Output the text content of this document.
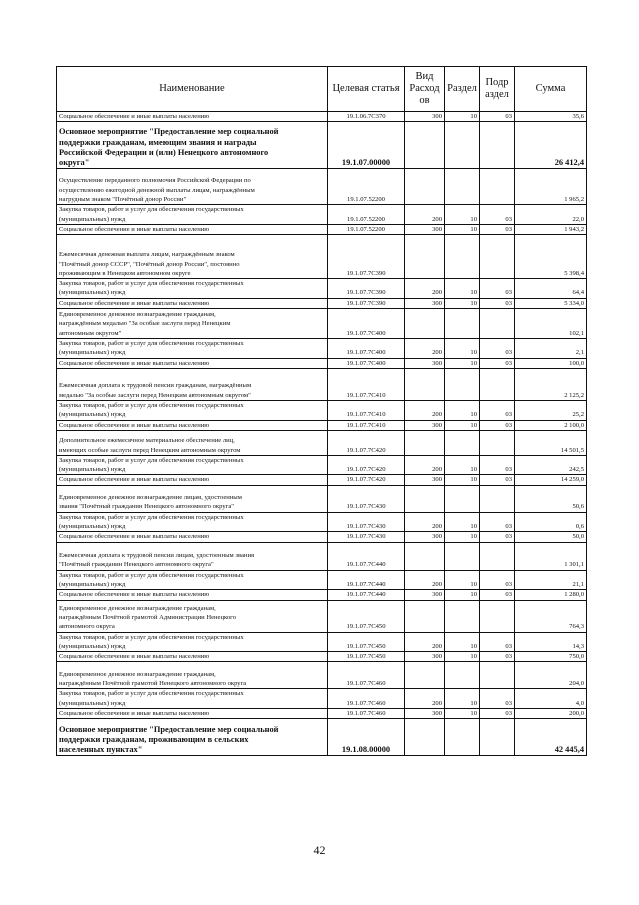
Наименование	Целевая статья	Вид Расход ов	Раздел	Подр аздел	Сумма
Социальное обеспечение и иные выплаты населению	19.1.06.7С370	300	10	03	35,6
Основное мероприятие "Предоставление мер социальной
поддержки гражданам, имеющим звания и награды
Российской Федерации и (или) Ненецкого автономного
округа"	19.1.07.00000				26 412,4
Осуществление переданного полномочия Российской Федерации по
осуществлению ежегодной денежной выплаты лицам, награждённым
нагрудным знаком "Почётный донор России"	19.1.07.52200				1 965,2
Закупка товаров, работ и услуг для обеспечения государственных
(муниципальных) нужд	19.1.07.52200	200	10	03	22,0
Социальное обеспечение и иные выплаты населению	19.1.07.52200	300	10	03	1 943,2
Ежемесячная денежная выплата лицам, награждённым знаком
"Почётный донор СССР", "Почётный донор России", постоянно
проживающим в Ненецком автономном округе	19.1.07.7С390				5 398,4
Закупка товаров, работ и услуг для обеспечения государственных
(муниципальных) нужд	19.1.07.7С390	200	10	03	64,4
Социальное обеспечение и иные выплаты населению	19.1.07.7С390	300	10	03	5 334,0
Единовременное денежное вознаграждение гражданам,
награждённым медалью "За особые заслуги перед Ненецким
автономным округом"	19.1.07.7С400				102,1
Закупка товаров, работ и услуг для обеспечения государственных
(муниципальных) нужд	19.1.07.7С400	200	10	03	2,1
Социальное обеспечение и иные выплаты населению	19.1.07.7С400	300	10	03	100,0
Ежемесячная доплата к трудовой пенсии гражданам, награждённым
медалью "За особые заслуги перед Ненецким автономным округом"	19.1.07.7С410				2 125,2
Закупка товаров, работ и услуг для обеспечения государственных
(муниципальных) нужд	19.1.07.7С410	200	10	03	25,2
Социальное обеспечение и иные выплаты населению	19.1.07.7С410	300	10	03	2 100,0
Дополнительное ежемесячное материальное обеспечение лиц,
имеющих особые заслуги перед Ненецким автономным округом	19.1.07.7С420				14 501,5
Закупка товаров, работ и услуг для обеспечения государственных
(муниципальных) нужд	19.1.07.7С420	200	10	03	242,5
Социальное обеспечение и иные выплаты населению	19.1.07.7С420	300	10	03	14 259,0
Единовременное денежное вознаграждение лицам, удостоенным
звания "Почётный гражданин Ненецкого автономного округа"	19.1.07.7С430				50,6
Закупка товаров, работ и услуг для обеспечения государственных
(муниципальных) нужд	19.1.07.7С430	200	10	03	0,6
Социальное обеспечение и иные выплаты населению	19.1.07.7С430	300	10	03	50,0
Ежемесячная доплата к трудовой пенсии лицам, удостоенным звания
"Почётный гражданин Ненецкого автономного округа"	19.1.07.7С440				1 301,1
Закупка товаров, работ и услуг для обеспечения государственных
(муниципальных) нужд	19.1.07.7С440	200	10	03	21,1
Социальное обеспечение и иные выплаты населению	19.1.07.7С440	300	10	03	1 280,0
Единовременное денежное вознаграждение гражданам,
награждённым Почётной грамотой Администрации Ненецкого
автономного округа	19.1.07.7С450				764,3
Закупка товаров, работ и услуг для обеспечения государственных
(муниципальных) нужд	19.1.07.7С450	200	10	03	14,3
Социальное обеспечение и иные выплаты населению	19.1.07.7С450	300	10	03	750,0
Единовременное денежное вознаграждение гражданам,
награждённым Почётной грамотой Ненецкого автономного округа	19.1.07.7С460				204,0
Закупка товаров, работ и услуг для обеспечения государственных
(муниципальных) нужд	19.1.07.7С460	200	10	03	4,0
Социальное обеспечение и иные выплаты населению	19.1.07.7С460	300	10	03	200,0
Основное мероприятие "Предоставление мер социальной
поддержки гражданам, проживающим в сельских
населенных пунктах"	19.1.08.00000				42 445,4
42
